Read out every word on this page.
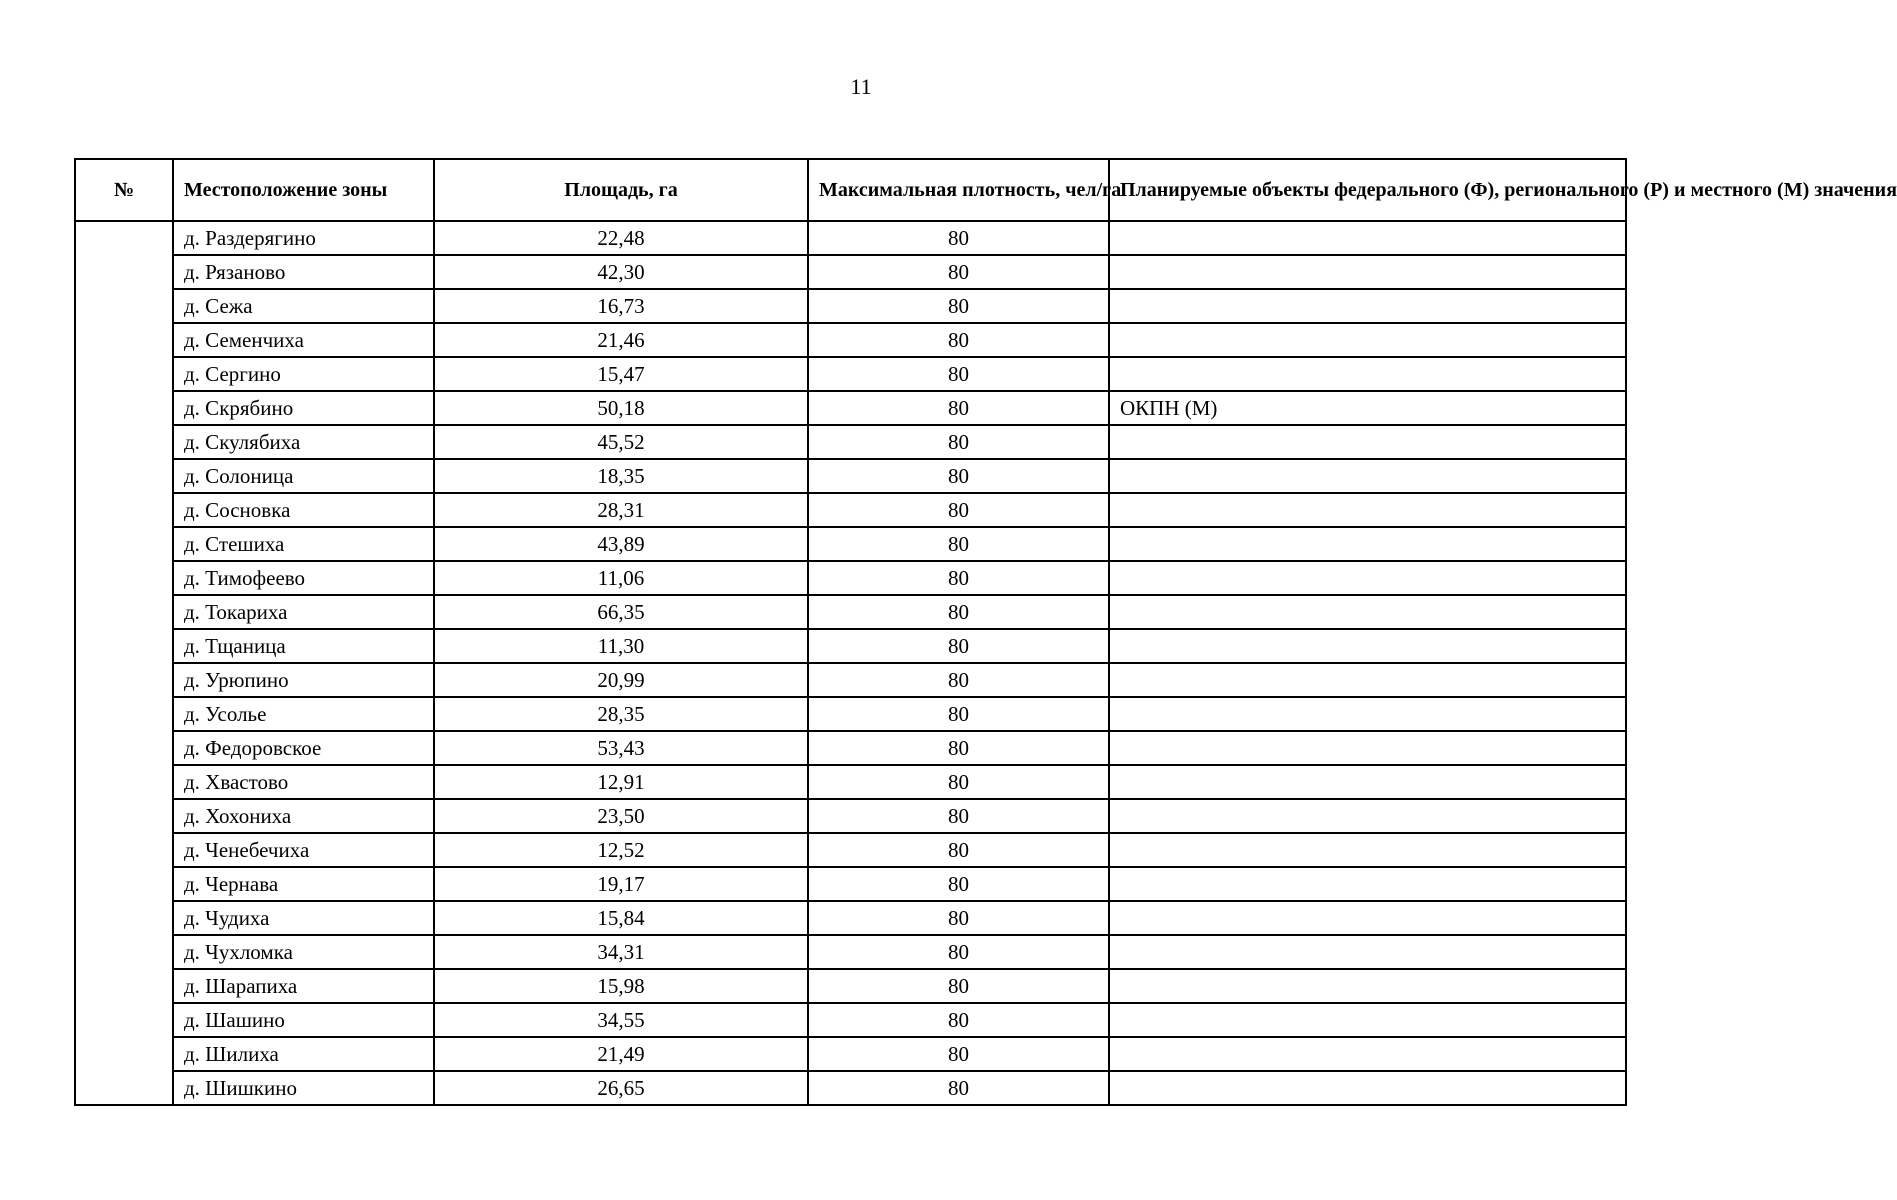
11
№	Местоположение зоны	Площадь, га	Максимальная плотность, чел/га	Планируемые объекты федерального (Ф), регионального (Р) и местного (М) значения
	д. Раздерягино	22,48	80	
	д. Рязаново	42,30	80	
	д. Сежа	16,73	80	
	д. Семенчиха	21,46	80	
	д. Сергино	15,47	80	
	д. Скрябино	50,18	80	ОКПН (М)
	д. Скулябиха	45,52	80	
	д. Солоница	18,35	80	
	д. Сосновка	28,31	80	
	д. Стешиха	43,89	80	
	д. Тимофеево	11,06	80	
	д. Токариха	66,35	80	
	д. Тщаница	11,30	80	
	д. Урюпино	20,99	80	
	д. Усолье	28,35	80	
	д. Федоровское	53,43	80	
	д. Хвастово	12,91	80	
	д. Хохониха	23,50	80	
	д. Ченебечиха	12,52	80	
	д. Чернава	19,17	80	
	д. Чудиха	15,84	80	
	д. Чухломка	34,31	80	
	д. Шарапиха	15,98	80	
	д. Шашино	34,55	80	
	д. Шилиха	21,49	80	
	д. Шишкино	26,65	80	
